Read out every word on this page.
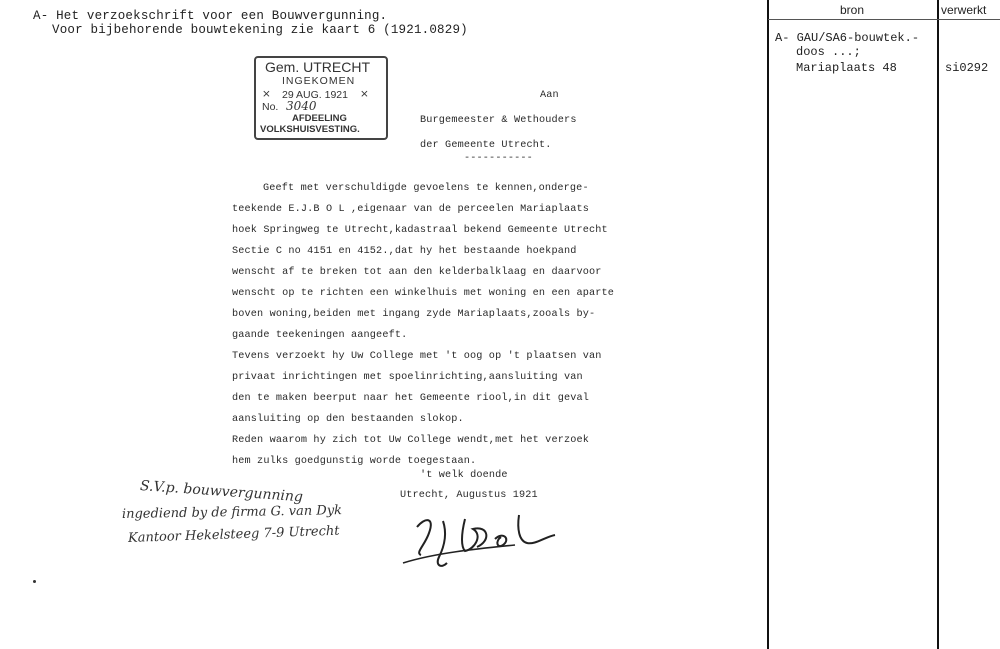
A- Het verzoekschrift voor een Bouwvergunning.
Voor bijbehorende bouwtekening zie kaart 6 (1921.0829)
Gem. UTRECHT
INGEKOMEN
⨯ 29 AUG. 1921 ⨯
No. 3040
AFDEELING
VOLKSHUISVESTING.
Aan
Burgemeester & Wethouders
der Gemeente Utrecht.
-----------
Geeft met verschuldigde gevoelens te kennen,onderge-
teekende E.J.B O L ,eigenaar van de perceelen Mariaplaats
hoek Springweg te Utrecht,kadastraal bekend Gemeente Utrecht
Sectie C no 4151 en 4152.,dat hy het bestaande hoekpand
wenscht af te breken tot aan den kelderbalklaag en daarvoor
wenscht op te richten een winkelhuis met woning en een aparte
boven woning,beiden met ingang zyde Mariaplaats,zooals by-
gaande teekeningen aangeeft.
Tevens verzoekt hy Uw College met 't oog op 't plaatsen van
privaat inrichtingen met spoelinrichting,aansluiting van
den te maken beerput naar het Gemeente riool,in dit geval
aansluiting op den bestaanden slokop.
Reden waarom hy zich tot Uw College wendt,met het verzoek
hem zulks goedgunstig worde toegestaan.
't welk doende
Utrecht, Augustus 1921
S.V.p. bouwvergunning
ingediend by de firma G. van Dyk
Kantoor Hekelsteeg 7-9 Utrecht
bron	verwerkt
A- GAU/SA6-bouwtek.-
doos ...;
Mariaplaats 48	si0292
